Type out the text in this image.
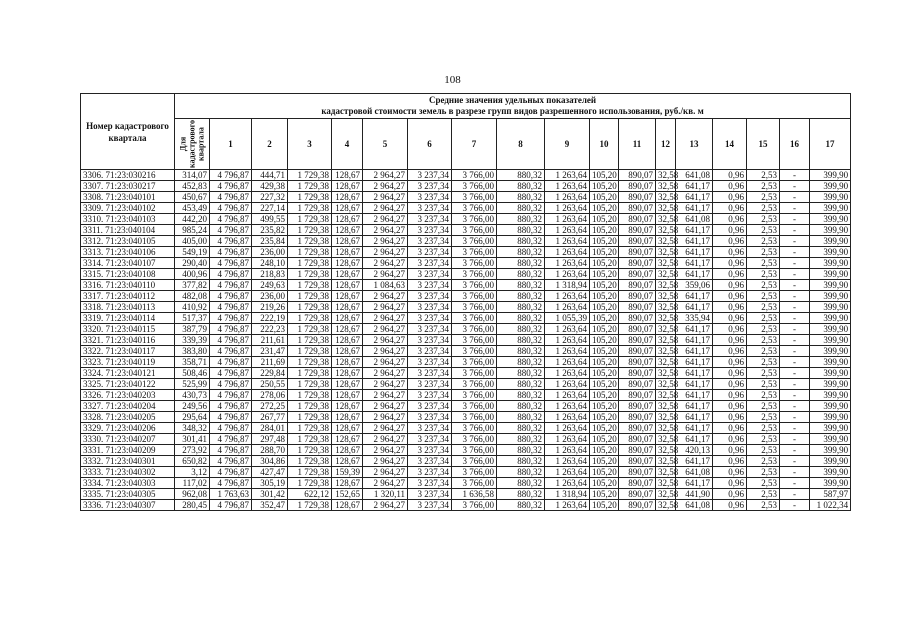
108
Номер кадастрового квартала	Средние значения удельных показателей
кадастровой стоимости земель в разрезе групп видов разрешенного использования, руб./кв. м																	

	Для кадастрового квартала	1	2	3	4	5	6	7	8	9	10	11	12	13	14	15	16	17
3306. 71:23:030216	314,07	4 796,87	444,71	1 729,38	128,67	2 964,27	3 237,34	3 766,00	880,32	1 263,64	105,20	890,07	32,58	641,08	0,96	2,53	-	399,90
3307. 71:23:030217	452,83	4 796,87	429,38	1 729,38	128,67	2 964,27	3 237,34	3 766,00	880,32	1 263,64	105,20	890,07	32,58	641,17	0,96	2,53	-	399,90
3308. 71:23:040101	450,67	4 796,87	227,32	1 729,38	128,67	2 964,27	3 237,34	3 766,00	880,32	1 263,64	105,20	890,07	32,58	641,17	0,96	2,53	-	399,90
3309. 71:23:040102	453,49	4 796,87	227,14	1 729,38	128,67	2 964,27	3 237,34	3 766,00	880,32	1 263,64	105,20	890,07	32,58	641,17	0,96	2,53	-	399,90
3310. 71:23:040103	442,20	4 796,87	499,55	1 729,38	128,67	2 964,27	3 237,34	3 766,00	880,32	1 263,64	105,20	890,07	32,58	641,08	0,96	2,53	-	399,90
3311. 71:23:040104	985,24	4 796,87	235,82	1 729,38	128,67	2 964,27	3 237,34	3 766,00	880,32	1 263,64	105,20	890,07	32,58	641,17	0,96	2,53	-	399,90
3312. 71:23:040105	405,00	4 796,87	235,84	1 729,38	128,67	2 964,27	3 237,34	3 766,00	880,32	1 263,64	105,20	890,07	32,58	641,17	0,96	2,53	-	399,90
3313. 71:23:040106	549,19	4 796,87	236,00	1 729,38	128,67	2 964,27	3 237,34	3 766,00	880,32	1 263,64	105,20	890,07	32,58	641,17	0,96	2,53	-	399,90
3314. 71:23:040107	290,40	4 796,87	248,10	1 729,38	128,67	2 964,27	3 237,34	3 766,00	880,32	1 263,64	105,20	890,07	32,58	641,17	0,96	2,53	-	399,90
3315. 71:23:040108	400,96	4 796,87	218,83	1 729,38	128,67	2 964,27	3 237,34	3 766,00	880,32	1 263,64	105,20	890,07	32,58	641,17	0,96	2,53	-	399,90
3316. 71:23:040110	377,82	4 796,87	249,63	1 729,38	128,67	1 084,63	3 237,34	3 766,00	880,32	1 318,94	105,20	890,07	32,58	359,06	0,96	2,53	-	399,90
3317. 71:23:040112	482,08	4 796,87	236,00	1 729,38	128,67	2 964,27	3 237,34	3 766,00	880,32	1 263,64	105,20	890,07	32,58	641,17	0,96	2,53	-	399,90
3318. 71:23:040113	410,92	4 796,87	219,26	1 729,38	128,67	2 964,27	3 237,34	3 766,00	880,32	1 263,64	105,20	890,07	32,58	641,17	0,96	2,53	-	399,90
3319. 71:23:040114	517,37	4 796,87	222,19	1 729,38	128,67	2 964,27	3 237,34	3 766,00	880,32	1 055,39	105,20	890,07	32,58	335,94	0,96	2,53	-	399,90
3320. 71:23:040115	387,79	4 796,87	222,23	1 729,38	128,67	2 964,27	3 237,34	3 766,00	880,32	1 263,64	105,20	890,07	32,58	641,17	0,96	2,53	-	399,90
3321. 71:23:040116	339,39	4 796,87	211,61	1 729,38	128,67	2 964,27	3 237,34	3 766,00	880,32	1 263,64	105,20	890,07	32,58	641,17	0,96	2,53	-	399,90
3322. 71:23:040117	383,80	4 796,87	231,47	1 729,38	128,67	2 964,27	3 237,34	3 766,00	880,32	1 263,64	105,20	890,07	32,58	641,17	0,96	2,53	-	399,90
3323. 71:23:040119	358,71	4 796,87	211,69	1 729,38	128,67	2 964,27	3 237,34	3 766,00	880,32	1 263,64	105,20	890,07	32,58	641,17	0,96	2,53	-	399,90
3324. 71:23:040121	508,46	4 796,87	229,84	1 729,38	128,67	2 964,27	3 237,34	3 766,00	880,32	1 263,64	105,20	890,07	32,58	641,17	0,96	2,53	-	399,90
3325. 71:23:040122	525,99	4 796,87	250,55	1 729,38	128,67	2 964,27	3 237,34	3 766,00	880,32	1 263,64	105,20	890,07	32,58	641,17	0,96	2,53	-	399,90
3326. 71:23:040203	430,73	4 796,87	278,06	1 729,38	128,67	2 964,27	3 237,34	3 766,00	880,32	1 263,64	105,20	890,07	32,58	641,17	0,96	2,53	-	399,90
3327. 71:23:040204	249,56	4 796,87	272,25	1 729,38	128,67	2 964,27	3 237,34	3 766,00	880,32	1 263,64	105,20	890,07	32,58	641,17	0,96	2,53	-	399,90
3328. 71:23:040205	295,64	4 796,87	267,77	1 729,38	128,67	2 964,27	3 237,34	3 766,00	880,32	1 263,64	105,20	890,07	32,58	641,17	0,96	2,53	-	399,90
3329. 71:23:040206	348,32	4 796,87	284,01	1 729,38	128,67	2 964,27	3 237,34	3 766,00	880,32	1 263,64	105,20	890,07	32,58	641,17	0,96	2,53	-	399,90
3330. 71:23:040207	301,41	4 796,87	297,48	1 729,38	128,67	2 964,27	3 237,34	3 766,00	880,32	1 263,64	105,20	890,07	32,58	641,17	0,96	2,53	-	399,90
3331. 71:23:040209	273,92	4 796,87	288,70	1 729,38	128,67	2 964,27	3 237,34	3 766,00	880,32	1 263,64	105,20	890,07	32,58	420,13	0,96	2,53	-	399,90
3332. 71:23:040301	650,82	4 796,87	304,86	1 729,38	128,67	2 964,27	3 237,34	3 766,00	880,32	1 263,64	105,20	890,07	32,58	641,17	0,96	2,53	-	399,90
3333. 71:23:040302	3,12	4 796,87	427,47	1 729,38	159,39	2 964,27	3 237,34	3 766,00	880,32	1 263,64	105,20	890,07	32,58	641,08	0,96	2,53	-	399,90
3334. 71:23:040303	117,02	4 796,87	305,19	1 729,38	128,67	2 964,27	3 237,34	3 766,00	880,32	1 263,64	105,20	890,07	32,58	641,17	0,96	2,53	-	399,90
3335. 71:23:040305	962,08	1 763,63	301,42	622,12	152,65	1 320,11	3 237,34	1 636,58	880,32	1 318,94	105,20	890,07	32,58	441,90	0,96	2,53	-	587,97
3336. 71:23:040307	280,45	4 796,87	352,47	1 729,38	128,67	2 964,27	3 237,34	3 766,00	880,32	1 263,64	105,20	890,07	32,58	641,08	0,96	2,53	-	1 022,34
